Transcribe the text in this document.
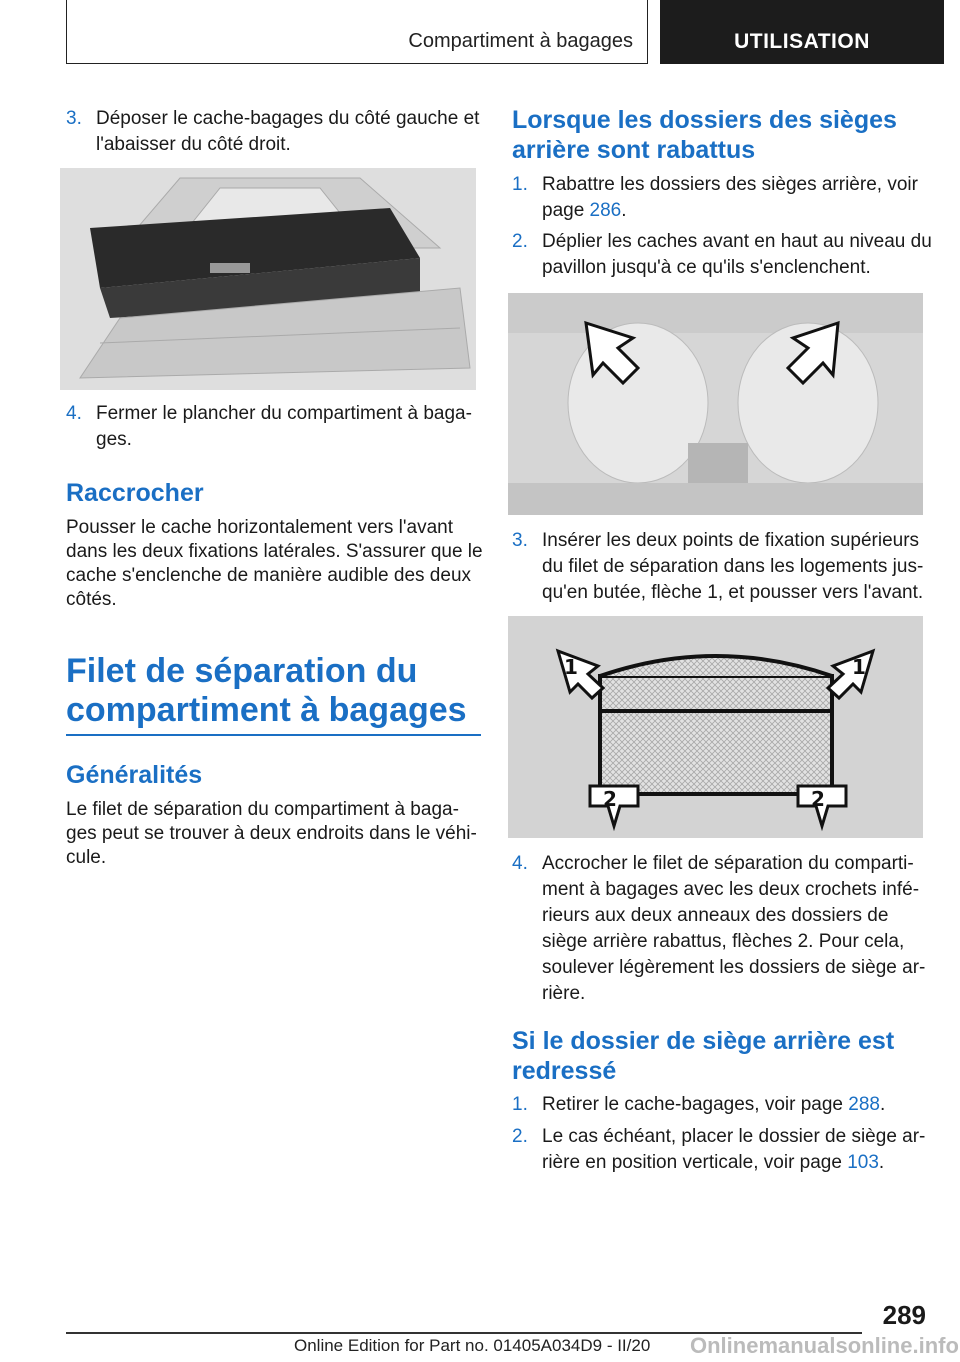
Compartiment à bagages	UTILISATION
3. Déposer le cache-bagages du côté gauche et l'abaisser du côté droit.
4. Fermer le plancher du compartiment à baga-ges.
Raccrocher
Pousser le cache horizontalement vers l'avant dans les deux fixations latérales. S'assurer que le cache s'enclenche de manière audible des deux côtés.
Filet de séparation du compartiment à bagages
Généralités
Le filet de séparation du compartiment à baga-ges peut se trouver à deux endroits dans le véhi-cule.
Lorsque les dossiers des sièges arrière sont rabattus
1. Rabattre les dossiers des sièges arrière, voir page 286.
2. Déplier les caches avant en haut au niveau du pavillon jusqu'à ce qu'ils s'enclenchent.
3. Insérer les deux points de fixation supérieurs du filet de séparation dans les logements jus-qu'en butée, flèche 1, et pousser vers l'avant.
1	1
2	2
4. Accrocher le filet de séparation du comparti-ment à bagages avec les deux crochets infé-rieurs aux deux anneaux des dossiers de siège arrière rabattus, flèches 2. Pour cela, soulever légèrement les dossiers de siège ar-rière.
Si le dossier de siège arrière est redressé
1. Retirer le cache-bagages, voir page 288.
2. Le cas échéant, placer le dossier de siège ar-rière en position verticale, voir page 103.
289
Online Edition for Part no. 01405A034D9 - II/20 Onlinemanualsonline.info
